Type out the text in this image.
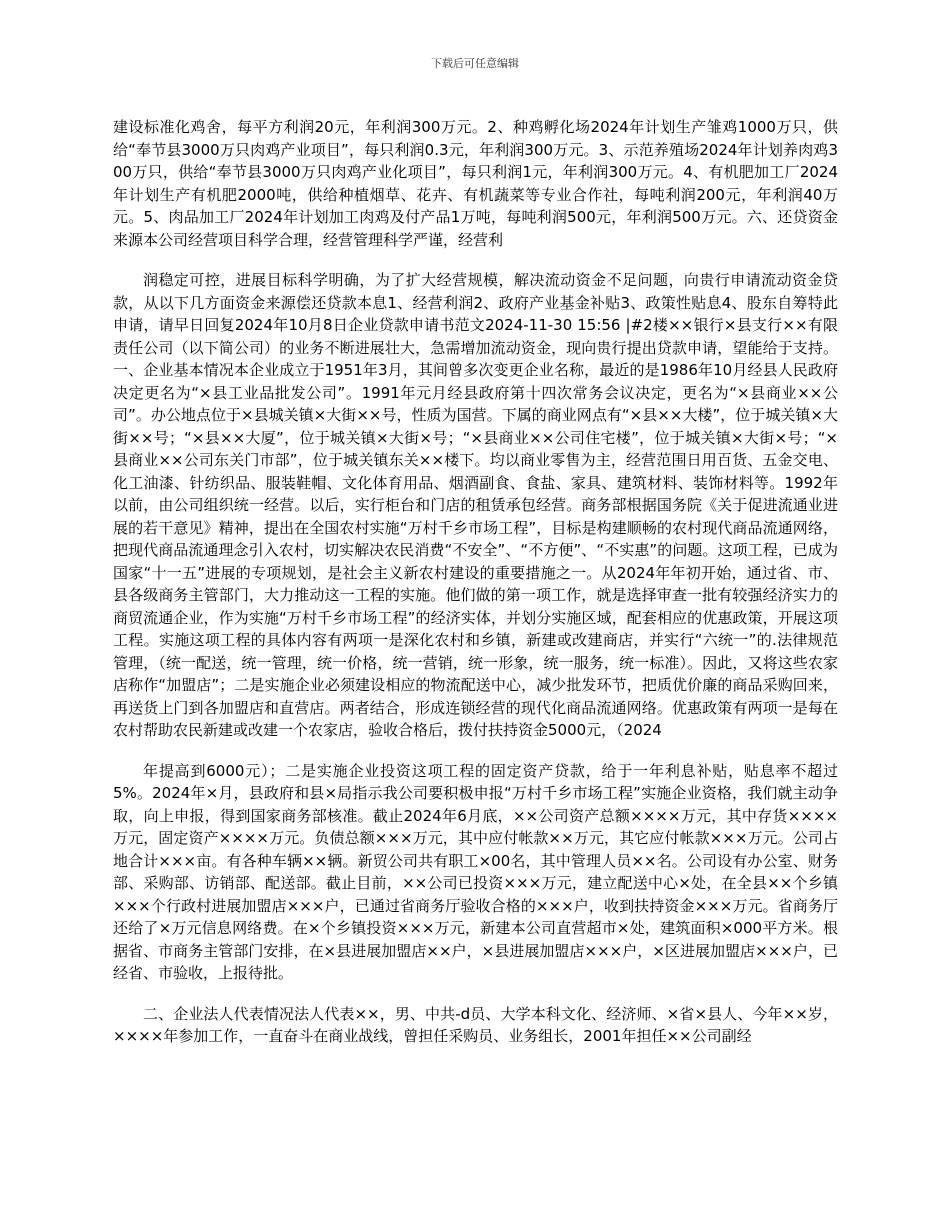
下载后可任意编辑

建设标准化鸡舍，每平方利润20元，年利润300万元。2、种鸡孵化场2024年计划生产雏鸡1000万只，供给“奉节县3000万只肉鸡产业项目”，每只利润0.3元，年利润300万元。3、示范养殖场2024年计划养肉鸡300万只，供给“奉节县3000万只肉鸡产业化项目”，每只利润1元，年利润300万元。4、有机肥加工厂2024年计划生产有机肥2000吨，供给种植烟草、花卉、有机蔬菜等专业合作社，每吨利润200元，年利润40万元。5、肉品加工厂2024年计划加工肉鸡及付产品1万吨，每吨利润500元，年利润500万元。六、还贷资金来源本公司经营项目科学合理，经营管理科学严谨，经营利

润稳定可控，进展目标科学明确，为了扩大经营规模，解决流动资金不足问题，向贵行申请流动资金贷款，从以下几方面资金来源偿还贷款本息1、经营利润2、政府产业基金补贴3、政策性贴息4、股东自筹特此申请，请早日回复2024年10月8日企业贷款申请书范文2024-11-30 15:56 |#2楼××银行×县支行××有限责任公司（以下简公司）的业务不断进展壮大，急需增加流动资金，现向贵行提出贷款申请，望能给于支持。一、企业基本情况本企业成立于1951年3月，其间曾多次变更企业名称，最近的是1986年10月经县人民政府决定更名为“×县工业品批发公司”。1991年元月经县政府第十四次常务会议决定，更名为“×县商业××公司”。办公地点位于×县城关镇×大街××号，性质为国营。下属的商业网点有“×县××大楼”，位于城关镇×大街××号；“×县××大厦”，位于城关镇×大街×号；“×县商业××公司住宅楼”，位于城关镇×大街×号；“×县商业××公司东关门市部”，位于城关镇东关××楼下。均以商业零售为主，经营范围日用百货、五金交电、化工油漆、针纺织品、服装鞋帽、文化体育用品、烟酒副食、食盐、家具、建筑材料、装饰材料等。1992年以前，由公司组织统一经营。以后，实行柜台和门店的租赁承包经营。商务部根据国务院《关于促进流通业进展的若干意见》精神，提出在全国农村实施“万村千乡市场工程”，目标是构建顺畅的农村现代商品流通网络，把现代商品流通理念引入农村，切实解决农民消费“不安全”、“不方便”、“不实惠”的问题。这项工程，已成为国家“十一五”进展的专项规划，是社会主义新农村建设的重要措施之一。从2024年年初开始，通过省、市、县各级商务主管部门，大力推动这一工程的实施。他们做的第一项工作，就是选择审查一批有较强经济实力的商贸流通企业，作为实施“万村千乡市场工程”的经济实体，并划分实施区域，配套相应的优惠政策，开展这项工程。实施这项工程的具体内容有两项一是深化农村和乡镇，新建或改建商店，并实行“六统一”的.法律规范管理，（统一配送，统一管理，统一价格，统一营销，统一形象，统一服务，统一标准）。因此，又将这些农家店称作“加盟店”；二是实施企业必须建设相应的物流配送中心，减少批发环节，把质优价廉的商品采购回来，再送货上门到各加盟店和直营店。两者结合，形成连锁经营的现代化商品流通网络。优惠政策有两项一是每在农村帮助农民新建或改建一个农家店，验收合格后，拨付扶持资金5000元，（2024

年提高到6000元）；二是实施企业投资这项工程的固定资产贷款，给于一年利息补贴，贴息率不超过5%。2024年×月，县政府和县×局指示我公司要积极申报“万村千乡市场工程”实施企业资格，我们就主动争取，向上申报，得到国家商务部核准。截止2024年6月底，××公司资产总额××××万元，其中存货××××万元，固定资产××××万元。负债总额×××万元，其中应付帐款××万元，其它应付帐款×××万元。公司占地合计×××亩。有各种车辆××辆。新贸公司共有职工×00名，其中管理人员××名。公司设有办公室、财务部、采购部、访销部、配送部。截止目前，××公司已投资×××万元，建立配送中心×处，在全县××个乡镇×××个行政村进展加盟店×××户，已通过省商务厅验收合格的×××户，收到扶持资金×××万元。省商务厅还给了×万元信息网络费。在×个乡镇投资×××万元，新建本公司直营超市×处，建筑面积×000平方米。根据省、市商务主管部门安排，在×县进展加盟店××户，×县进展加盟店×××户，×区进展加盟店×××户，已经省、市验收，上报待批。

二、企业法人代表情况法人代表××，男、中共-d员、大学本科文化、经济师、×省×县人、今年××岁，××××年参加工作，一直奋斗在商业战线，曾担任采购员、业务组长，2001年担任××公司副经
